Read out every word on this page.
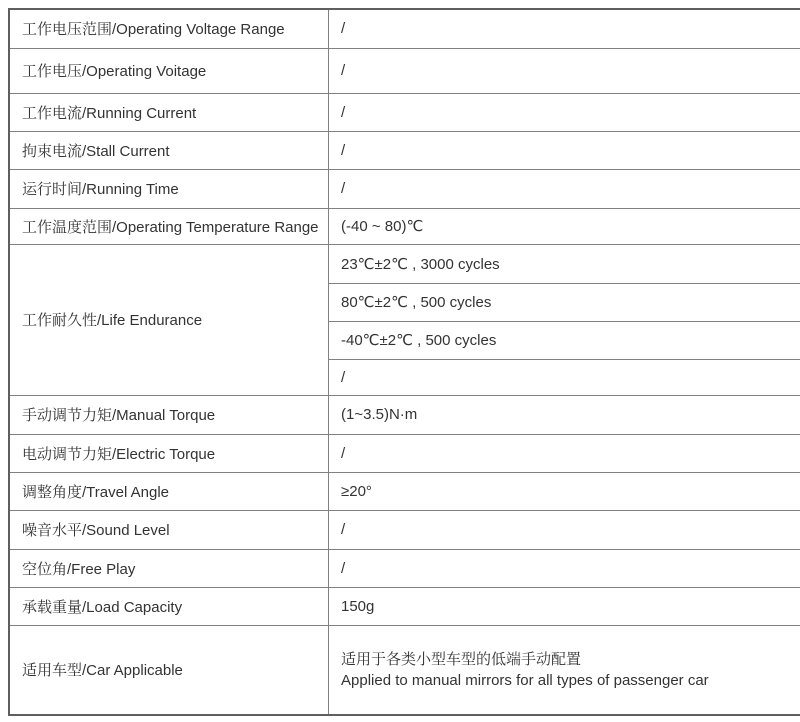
工作电压范围/Operating Voltage Range	/
工作电压/Operating Voitage	/
工作电流/Running Current	/
拘束电流/Stall Current	/
运行时间/Running Time	/
工作温度范围/Operating Temperature Range	(-40 ~ 80)℃
工作耐久性/Life Endurance	23℃±2℃ , 3000 cycles
	80℃±2℃ , 500 cycles
	-40℃±2℃ , 500 cycles
	/
手动调节力矩/Manual Torque	(1~3.5)N·m
电动调节力矩/Electric Torque	/
调整角度/Travel Angle	≥20°
噪音水平/Sound Level	/
空位角/Free Play	/
承载重量/Load Capacity	150g
适用车型/Car Applicable	适用于各类小型车型的低端手动配置
Applied to manual mirrors for all types of passenger car
